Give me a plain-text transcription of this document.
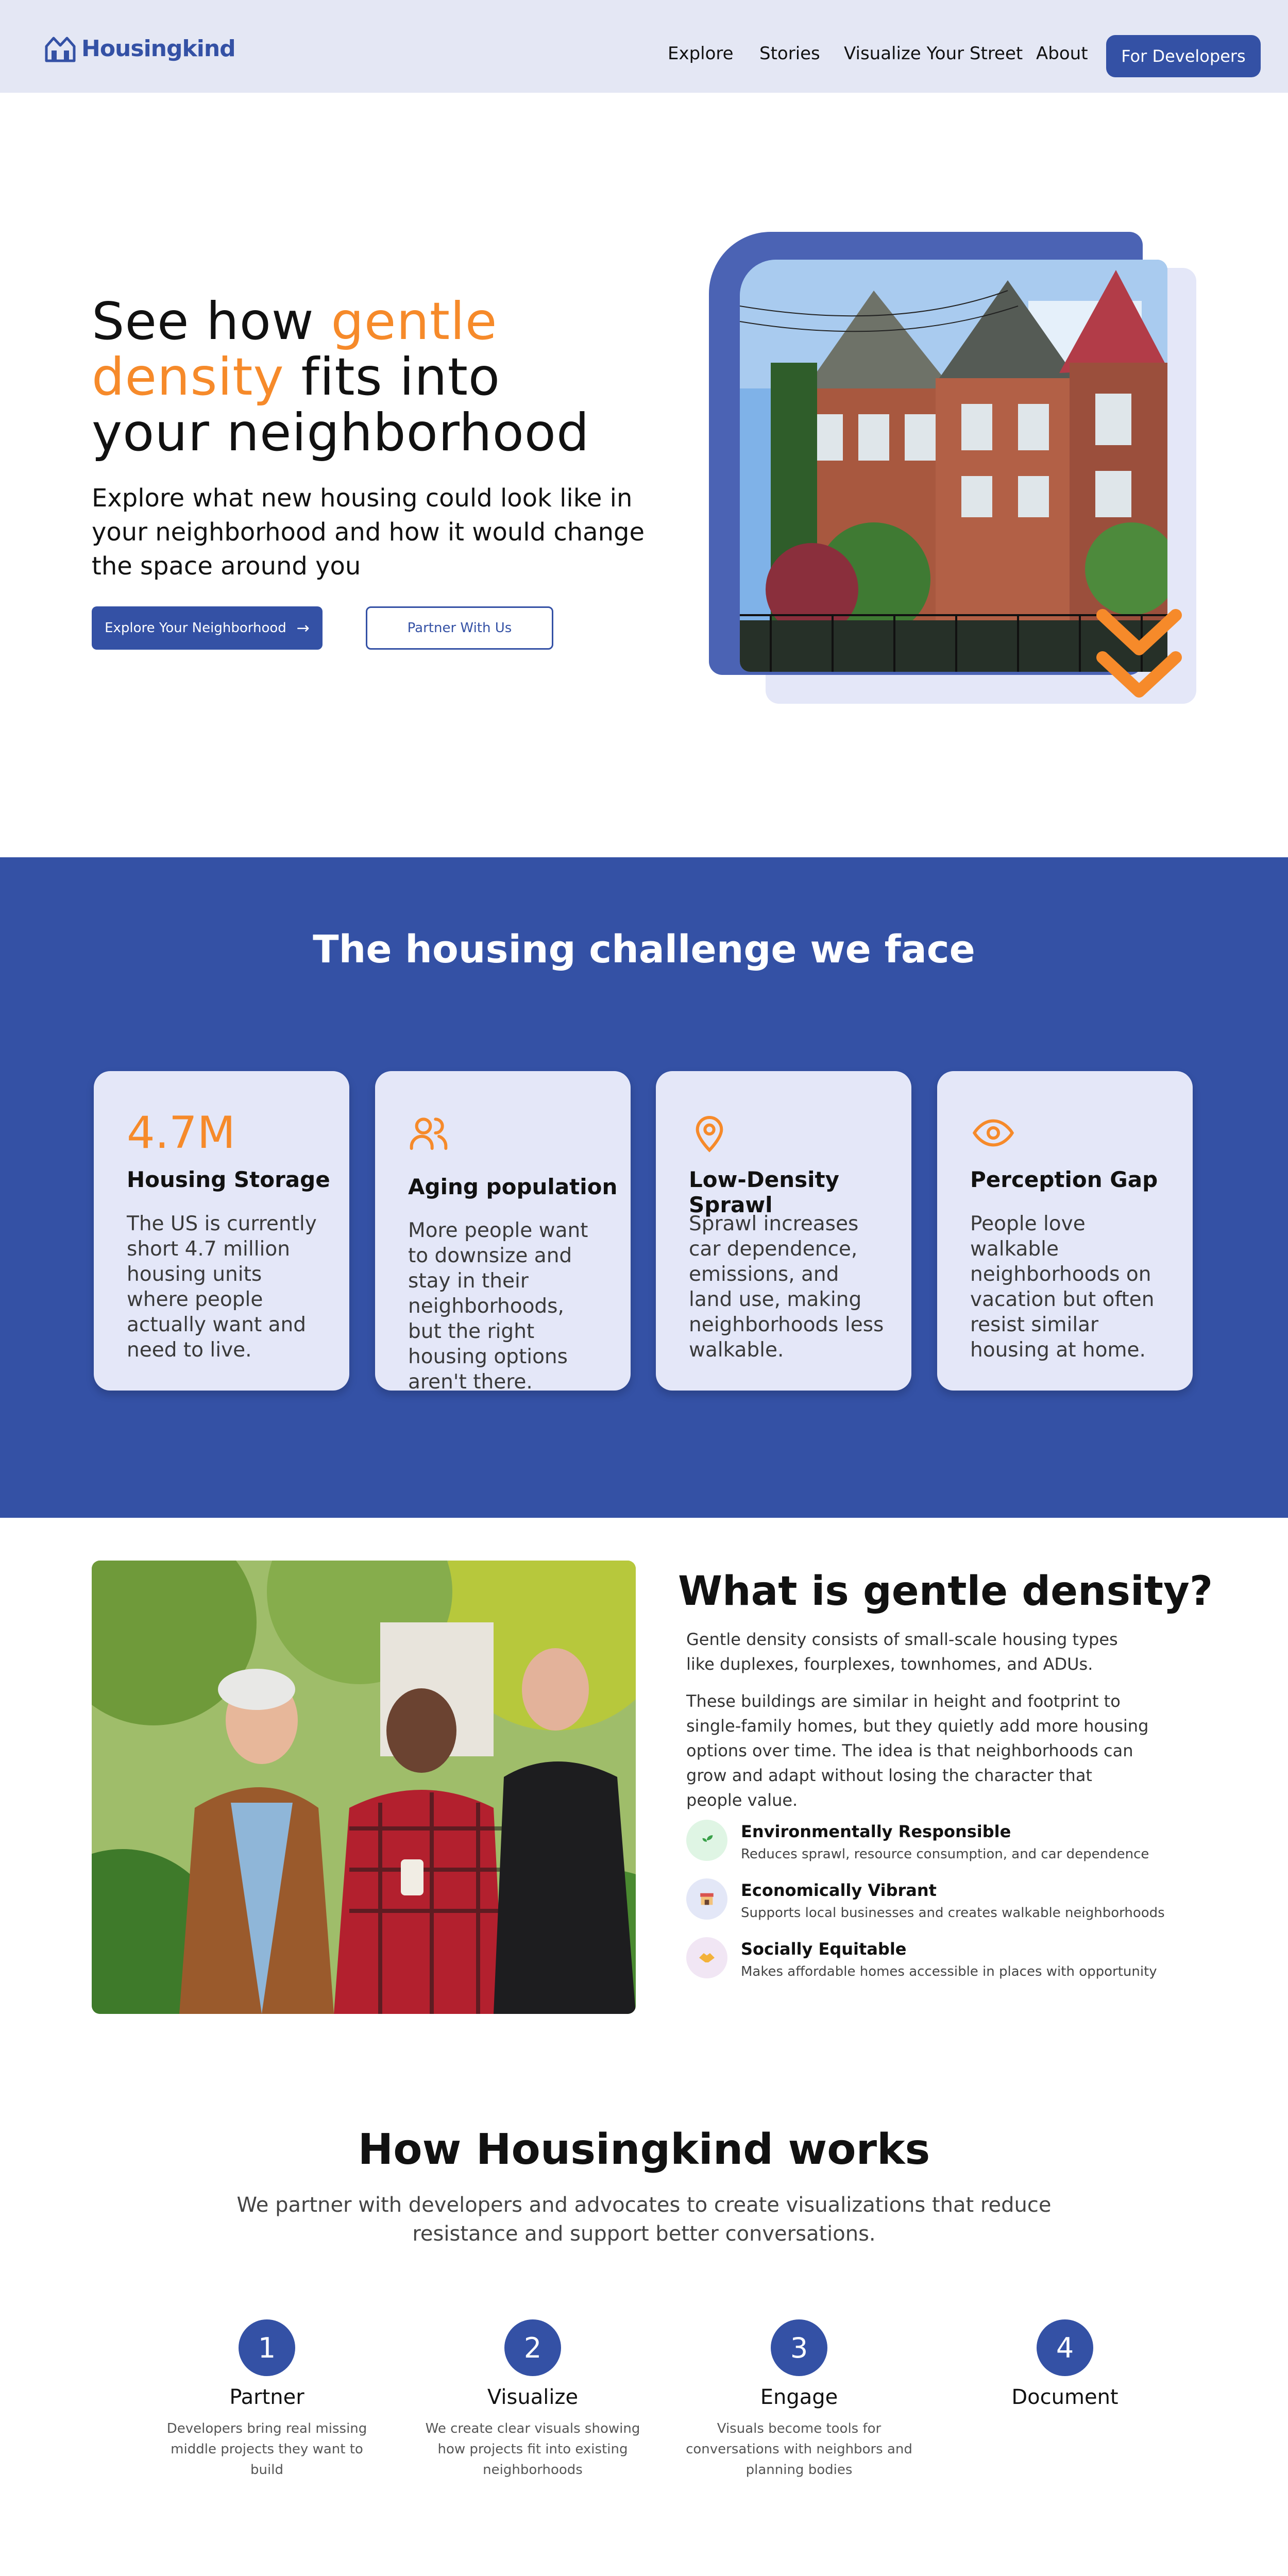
Housingkind	Explore Stories Visualize Your Street About	For Developers
See how gentle
density fits into
your neighborhood

Explore what new housing could look like in your neighborhood and how it would change the space around you

Explore Your Neighborhood →	Partner With Us
The housing challenge we face
4.7M
Housing Storage

The US is currently short 4.7 million housing units where people actually want and need to live.

Aging population

More people want to downsize and stay in their neighborhoods, but the right housing options aren't there.

Low-Density Sprawl

Sprawl increases car dependence, emissions, and land use, making neighborhoods less walkable.

Perception Gap

People love walkable neighborhoods on vacation but often resist similar housing at home.

What is gentle density?

Gentle density consists of small-scale housing types like duplexes, fourplexes, townhomes, and ADUs.

These buildings are similar in height and footprint to single-family homes, but they quietly add more housing options over time. The idea is that neighborhoods can grow and adapt without losing the character that people value.

Environmentally Responsible
Reduces sprawl, resource consumption, and car dependence
Economically Vibrant
Supports local businesses and creates walkable neighborhoods
Socially Equitable
Makes affordable homes accessible in places with opportunity
How Housingkind works

We partner with developers and advocates to create visualizations that reduce resistance and support better conversations.

1
Partner
Developers bring real missing middle projects they want to build
2
Visualize
We create clear visuals showing how projects fit into existing neighborhoods
3
Engage
Visuals become tools for conversations with neighbors and planning bodies
4
Document
